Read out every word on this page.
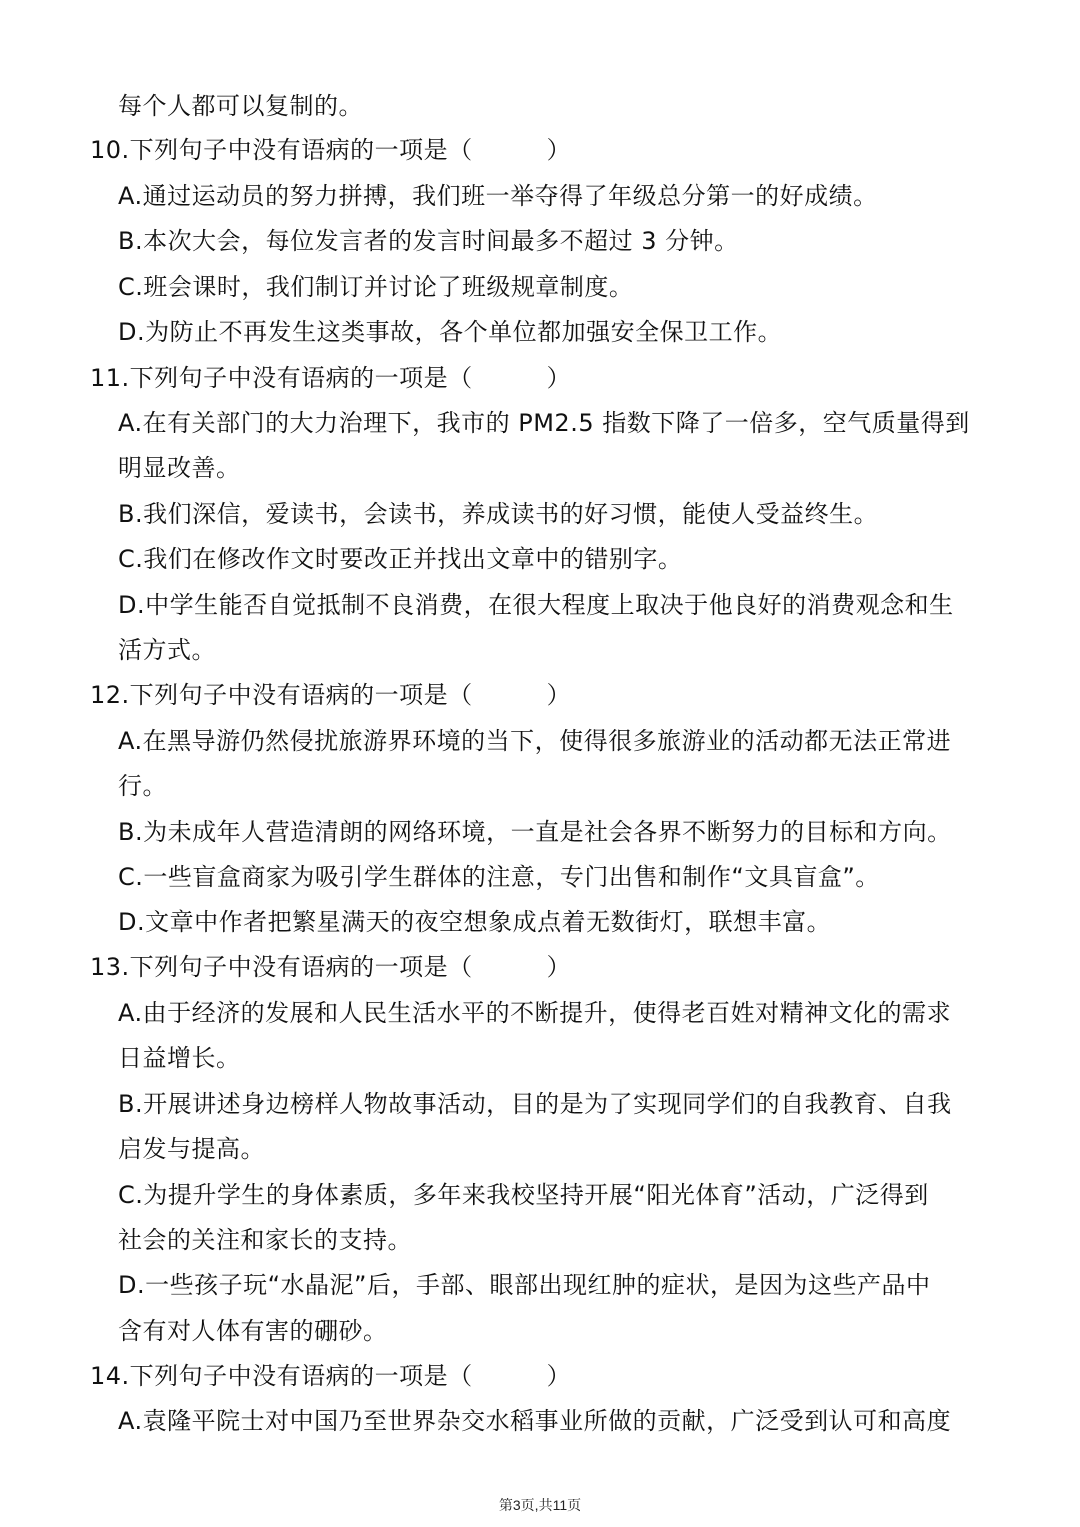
每个人都可以复制的。
10.下列句子中没有语病的一项是（	）
A.通过运动员的努力拼搏，我们班一举夺得了年级总分第一的好成绩。
B.本次大会，每位发言者的发言时间最多不超过 3 分钟。
C.班会课时，我们制订并讨论了班级规章制度。
D.为防止不再发生这类事故，各个单位都加强安全保卫工作。
11.下列句子中没有语病的一项是（	）
A.在有关部门的大力治理下，我市的 PM2.5 指数下降了一倍多，空气质量得到
明显改善。
B.我们深信，爱读书，会读书，养成读书的好习惯，能使人受益终生。
C.我们在修改作文时要改正并找出文章中的错别字。
D.中学生能否自觉抵制不良消费，在很大程度上取决于他良好的消费观念和生
活方式。
12.下列句子中没有语病的一项是（	）
A.在黑导游仍然侵扰旅游界环境的当下，使得很多旅游业的活动都无法正常进
行。
B.为未成年人营造清朗的网络环境，一直是社会各界不断努力的目标和方向。
C.一些盲盒商家为吸引学生群体的注意，专门出售和制作“文具盲盒”。
D.文章中作者把繁星满天的夜空想象成点着无数街灯，联想丰富。
13.下列句子中没有语病的一项是（	）
A.由于经济的发展和人民生活水平的不断提升，使得老百姓对精神文化的需求
日益增长。
B.开展讲述身边榜样人物故事活动，目的是为了实现同学们的自我教育、自我
启发与提高。
C.为提升学生的身体素质，多年来我校坚持开展“阳光体育”活动，广泛得到
社会的关注和家长的支持。
D.一些孩子玩“水晶泥”后，手部、眼部出现红肿的症状，是因为这些产品中
含有对人体有害的硼砂。
14.下列句子中没有语病的一项是（	）
A.袁隆平院士对中国乃至世界杂交水稻事业所做的贡献，广泛受到认可和高度
第3页,共11页
